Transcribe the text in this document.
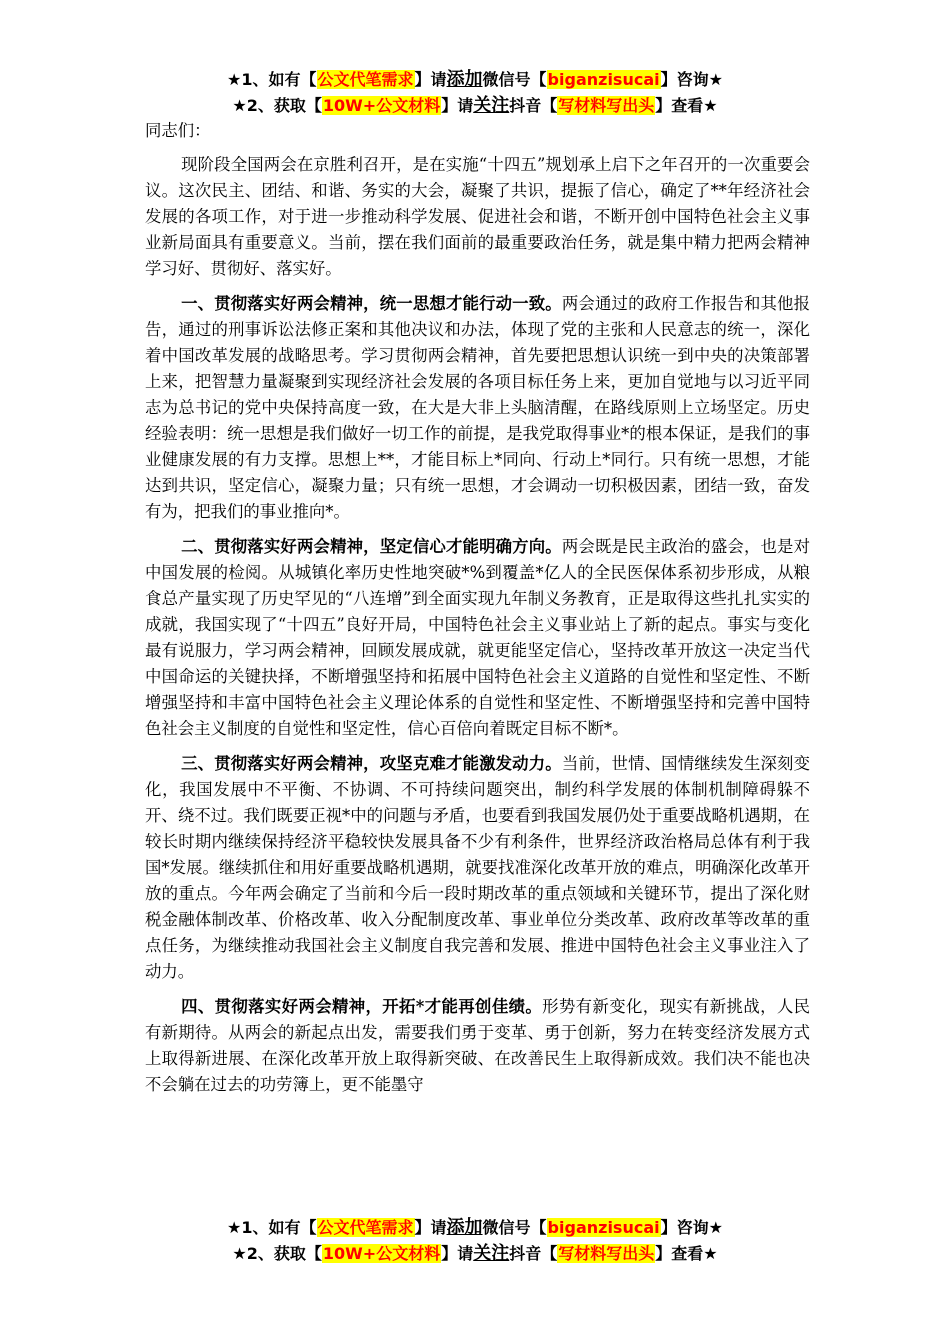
★1、如有【公文代笔需求】请添加微信号【biganzisucai】咨询★
★2、获取【10W+公文材料】请关注抖音【写材料写出头】查看★

同志们：

现阶段全国两会在京胜利召开，是在实施“十四五”规划承上启下之年召开的一次重要会议。这次民主、团结、和谐、务实的大会，凝聚了共识，提振了信心，确定了**年经济社会发展的各项工作，对于进一步推动科学发展、促进社会和谐，不断开创中国特色社会主义事业新局面具有重要意义。当前，摆在我们面前的最重要政治任务，就是集中精力把两会精神学习好、贯彻好、落实好。

一、贯彻落实好两会精神，统一思想才能行动一致。两会通过的政府工作报告和其他报告，通过的刑事诉讼法修正案和其他决议和办法，体现了党的主张和人民意志的统一，深化着中国改革发展的战略思考。学习贯彻两会精神，首先要把思想认识统一到中央的决策部署上来，把智慧力量凝聚到实现经济社会发展的各项目标任务上来，更加自觉地与以习近平同志为总书记的党中央保持高度一致，在大是大非上头脑清醒，在路线原则上立场坚定。历史经验表明：统一思想是我们做好一切工作的前提，是我党取得事业*的根本保证，是我们的事业健康发展的有力支撑。思想上**，才能目标上*同向、行动上*同行。只有统一思想，才能达到共识，坚定信心，凝聚力量；只有统一思想，才会调动一切积极因素，团结一致，奋发有为，把我们的事业推向*。

二、贯彻落实好两会精神，坚定信心才能明确方向。两会既是民主政治的盛会，也是对中国发展的检阅。从城镇化率历史性地突破*%到覆盖*亿人的全民医保体系初步形成，从粮食总产量实现了历史罕见的“八连增”到全面实现九年制义务教育，正是取得这些扎扎实实的成就，我国实现了“十四五”良好开局，中国特色社会主义事业站上了新的起点。事实与变化最有说服力，学习两会精神，回顾发展成就，就更能坚定信心，坚持改革开放这一决定当代中国命运的关键抉择，不断增强坚持和拓展中国特色社会主义道路的自觉性和坚定性、不断增强坚持和丰富中国特色社会主义理论体系的自觉性和坚定性、不断增强坚持和完善中国特色社会主义制度的自觉性和坚定性，信心百倍向着既定目标不断*。

三、贯彻落实好两会精神，攻坚克难才能激发动力。当前，世情、国情继续发生深刻变化，我国发展中不平衡、不协调、不可持续问题突出，制约科学发展的体制机制障碍躲不开、绕不过。我们既要正视*中的问题与矛盾，也要看到我国发展仍处于重要战略机遇期，在较长时期内继续保持经济平稳较快发展具备不少有利条件，世界经济政治格局总体有利于我国*发展。继续抓住和用好重要战略机遇期，就要找准深化改革开放的难点，明确深化改革开放的重点。今年两会确定了当前和今后一段时期改革的重点领域和关键环节，提出了深化财税金融体制改革、价格改革、收入分配制度改革、事业单位分类改革、政府改革等改革的重点任务，为继续推动我国社会主义制度自我完善和发展、推进中国特色社会主义事业注入了动力。

四、贯彻落实好两会精神，开拓*才能再创佳绩。形势有新变化，现实有新挑战，人民有新期待。从两会的新起点出发，需要我们勇于变革、勇于创新，努力在转变经济发展方式上取得新进展、在深化改革开放上取得新突破、在改善民生上取得新成效。我们决不能也决不会躺在过去的功劳簿上，更不能墨守

★1、如有【公文代笔需求】请添加微信号【biganzisucai】咨询★
★2、获取【10W+公文材料】请关注抖音【写材料写出头】查看★
